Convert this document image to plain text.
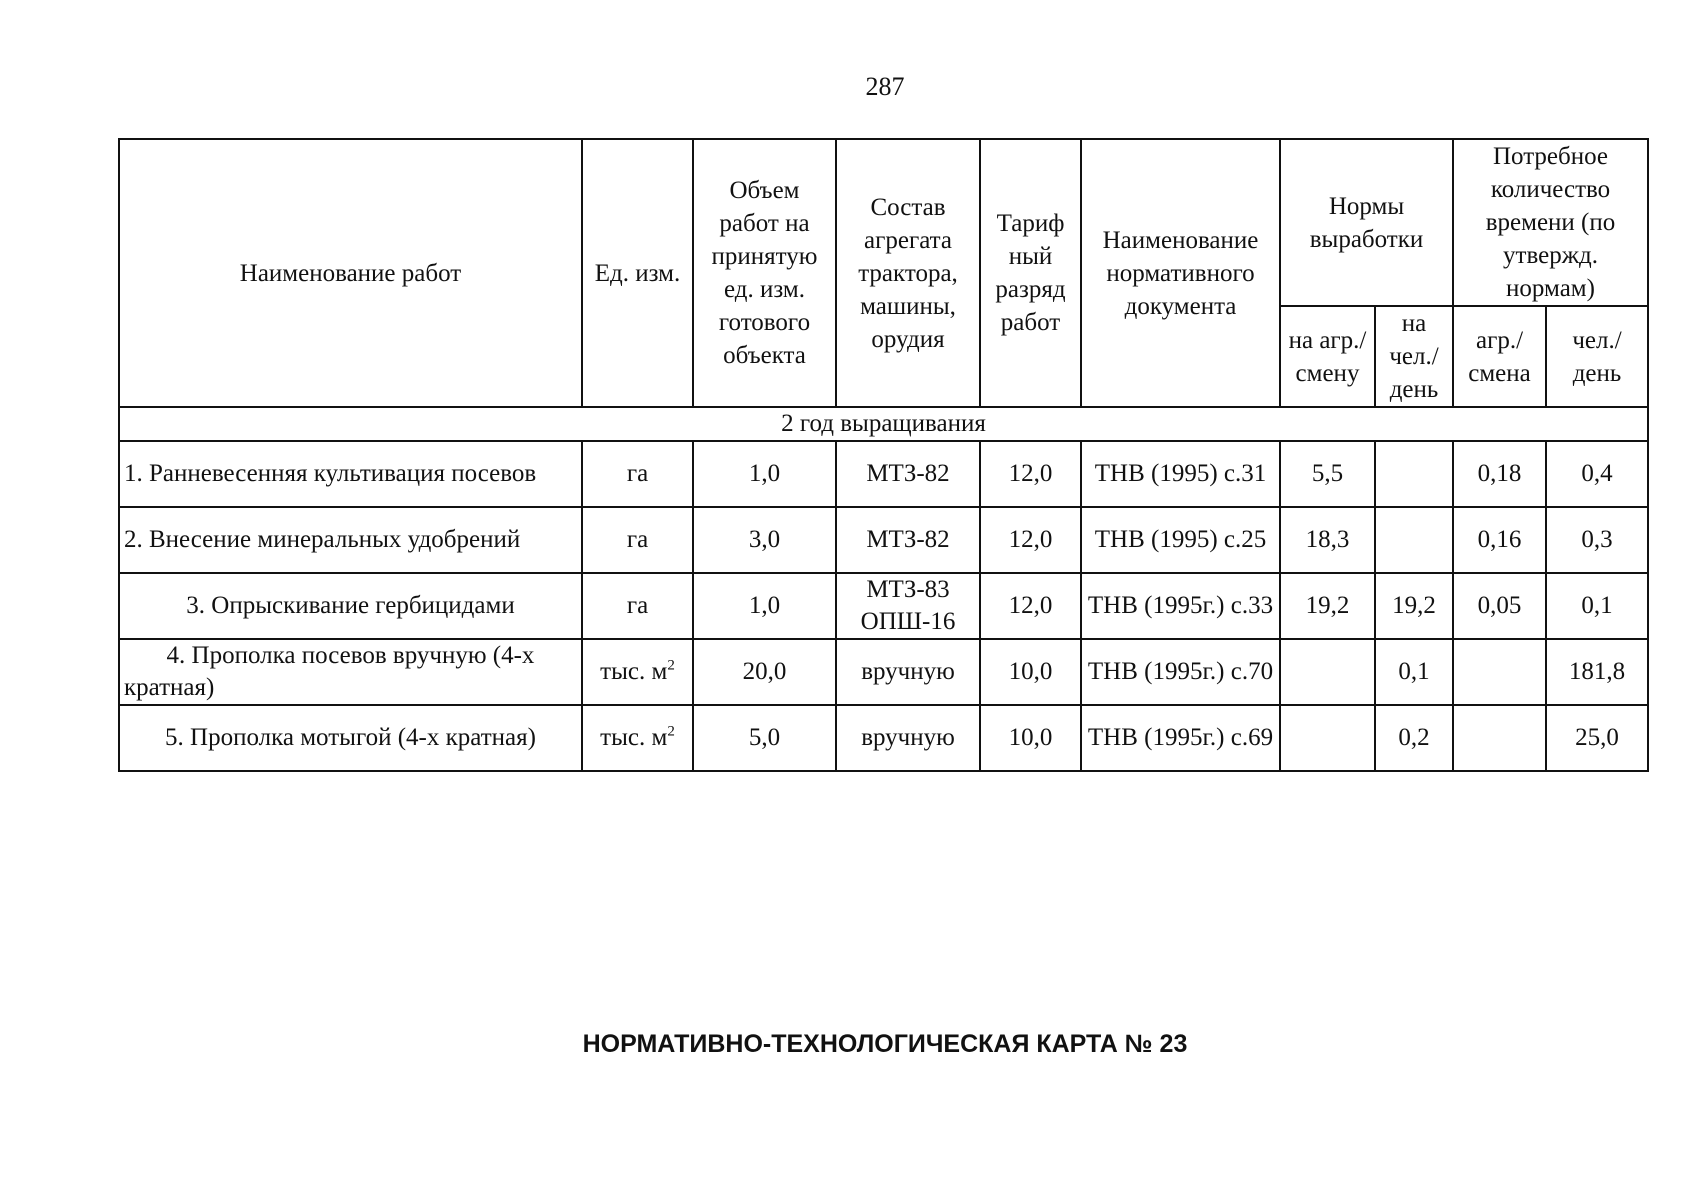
287
Наименование работ	Ед. изм.	Объем работ на принятую ед. изм. готового объекта	Состав агрегата трактора, машины, орудия	Тариф ный разряд работ	Наименование нормативного документа	Нормы выработки		Потребное количество времени (по утвержд. нормам)	
						на агр./ смену	на чел./ день	агр./ смена	чел./ день
2 год выращивания									
1. Ранневесенняя культивация посевов	га	1,0	МТЗ-82	12,0	ТНВ (1995) с.31	5,5		0,18	0,4
2. Внесение минеральных удобрений	га	3,0	МТЗ-82	12,0	ТНВ (1995) с.25	18,3		0,16	0,3
3. Опрыскивание гербицидами	га	1,0	МТЗ-83 ОПШ-16	12,0	ТНВ (1995г.) с.33	19,2	19,2	0,05	0,1
4. Прополка посевов вручную (4-х кратная)	тыс. $м^2$	20,0	вручную	10,0	ТНВ (1995г.) с.70		0,1		181,8
5. Прополка мотыгой (4-х кратная)	тыс. $м^2$	5,0	вручную	10,0	ТНВ (1995г.) с.69		0,2		25,0
НОРМАТИВНО-ТЕХНОЛОГИЧЕСКАЯ КАРТА № 23
